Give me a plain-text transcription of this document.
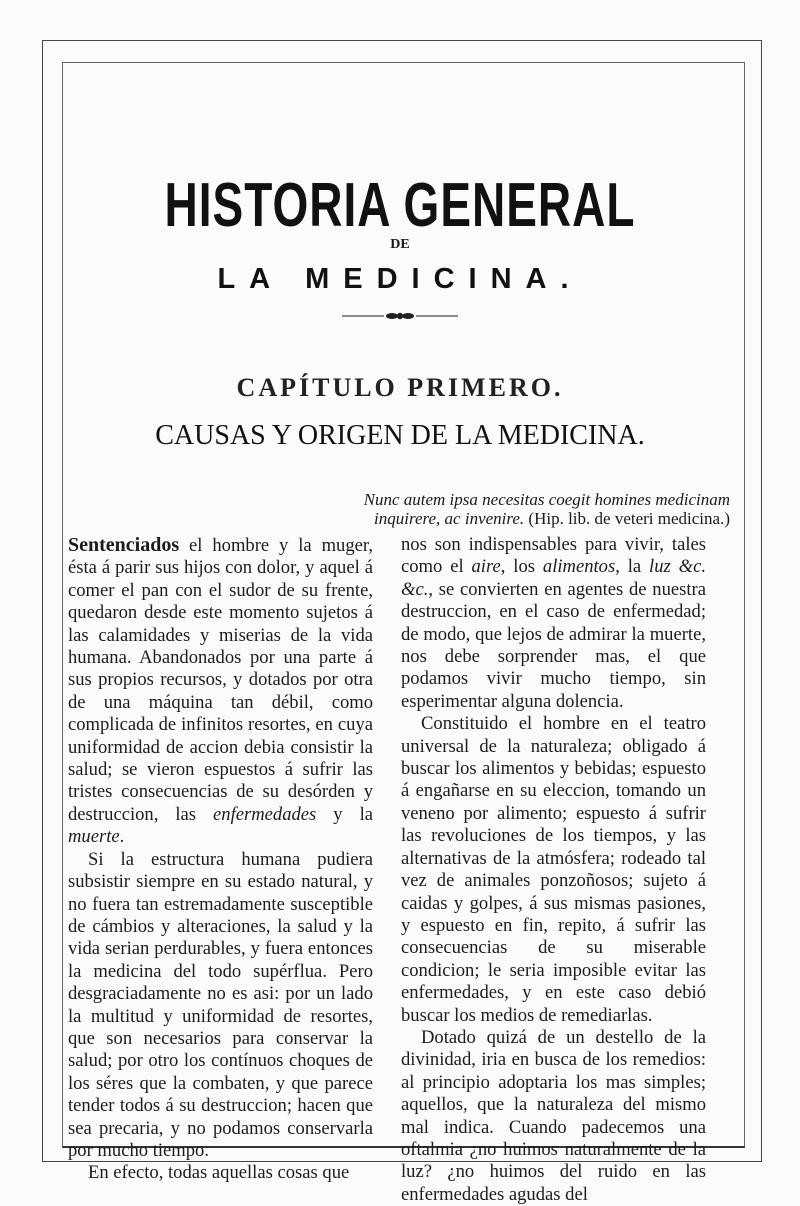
HISTORIA GENERAL
DE
LA MEDICINA.
CAPÍTULO PRIMERO.
CAUSAS Y ORIGEN DE LA MEDICINA.
Nunc autem ipsa necesitas coegit homines medicinam
inquirere, ac invenire. (Hip. lib. de veteri medicina.)

Sentenciados el hombre y la muger, ésta á parir sus hijos con dolor, y aquel á comer el pan con el sudor de su frente, quedaron desde este momento sujetos á las calamidades y miserias de la vida humana. Abandonados por una parte á sus propios recursos, y dotados por otra de una máquina tan débil, como complicada de infinitos resortes, en cuya uniformidad de accion debia consistir la salud; se vieron espuestos á sufrir las tristes consecuencias de su desórden y destruccion, las enfermedades y la muerte.

Si la estructura humana pudiera subsistir siempre en su estado natural, y no fuera tan estremadamente susceptible de cámbios y alteraciones, la salud y la vida serian perdurables, y fuera entonces la medicina del todo supérflua. Pero desgraciadamente no es asi: por un lado la multitud y uniformidad de resortes, que son necesarios para conservar la salud; por otro los contínuos choques de los séres que la combaten, y que parece tender todos á su destruccion; hacen que sea precaria, y no podamos conservarla por mucho tiempo.

En efecto, todas aquellas cosas que

nos son indispensables para vivir, tales como el aire, los alimentos, la luz &c. &c., se convierten en agentes de nuestra destruccion, en el caso de enfermedad; de modo, que lejos de admirar la muerte, nos debe sorprender mas, el que podamos vivir mucho tiempo, sin esperimentar alguna dolencia.

Constituido el hombre en el teatro universal de la naturaleza; obligado á buscar los alimentos y bebidas; espuesto á engañarse en su eleccion, tomando un veneno por alimento; espuesto á sufrir las revoluciones de los tiempos, y las alternativas de la atmósfera; rodeado tal vez de animales ponzoñosos; sujeto á caidas y golpes, á sus mismas pasiones, y espuesto en fin, repito, á sufrir las consecuencias de su miserable condicion; le seria imposible evitar las enfermedades, y en este caso debió buscar los medios de remediarlas.

Dotado quizá de un destello de la divinidad, iria en busca de los remedios: al principio adoptaria los mas simples; aquellos, que la naturaleza del mismo mal indica. Cuando padecemos una oftalmia ¿no huimos naturalmente de la luz? ¿no huimos del ruido en las enfermedades agudas del
